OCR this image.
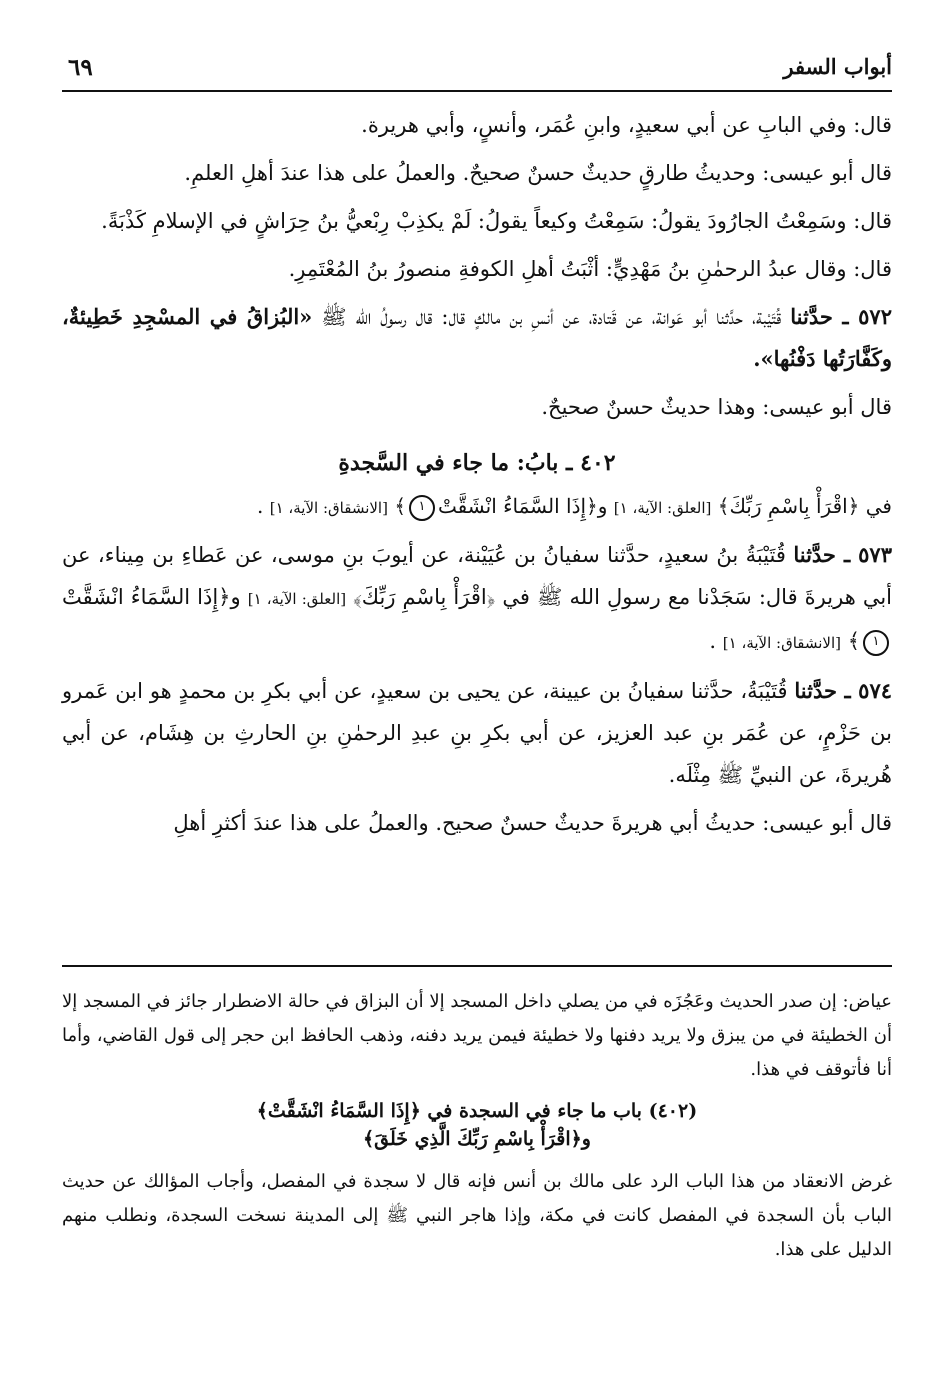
أبواب السفر
٦٩

قال: وفي البابِ عن أبي سعيدٍ، وابنِ عُمَر، وأنسٍ، وأبي هريرة.

قال أبو عيسى: وحديثُ طارقٍ حديثٌ حسنٌ صحيحٌ. والعملُ على هذا عندَ أهلِ العلمِ.

قال: وسَمِعْتُ الجارُودَ يقولُ: سَمِعْتُ وكيعاً يقولُ: لَمْ يكذِبْ رِبْعيُّ بنُ حِرَاشٍ في الإسلامِ كَذْبَةً.

قال: وقال عبدُ الرحمٰنِ بنُ مَهْدِيٍّ: أثْبَتُ أهلِ الكوفةِ منصورُ بنُ المُعْتَمِرِ.

٥٧٢ ـ حدَّثنا قُتَيْبة، حدَّثنا أبو عَوانة، عن قَتادة، عن أنسِ بن مالكٍ قال: قال رسولُ الله ﷺ «البُزاقُ في المسْجِدِ خَطِيئةٌ، وكَفَّارَتُها دَفْنُها».

قال أبو عيسى: وهذا حديثٌ حسنٌ صحيحٌ.

٤٠٢ ـ بابُ: ما جاء في السَّجدةِ

في ﴿اقْرَأْ بِاسْمِ رَبِّكَ﴾ [العلق: الآية، ١] و﴿إِذَا السَّمَاءُ انْشَقَّتْ١﴾ [الانشقاق: الآية، ١] .

٥٧٣ ـ حدَّثنا قُتَيْبَةُ بنُ سعيدٍ، حدَّثنا سفيانُ بن عُيَيْنة، عن أيوبَ بنِ موسى، عن عَطاءِ بن مِيناء، عن أبي هريرةَ قال: سَجَدْنا مع رسولِ الله ﷺ في ﴿اقْرَأْ بِاسْمِ رَبِّكَ﴾ [العلق: الآية، ١] و﴿إِذَا السَّمَاءُ انْشَقَّتْ١﴾ [الانشقاق: الآية، ١] .

٥٧٤ ـ حدَّثنا قُتَيْبَةُ، حدَّثنا سفيانُ بن عيينة، عن يحيى بن سعيدٍ، عن أبي بكرِ بن محمدٍ هو ابن عَمرو بن حَزْمٍ، عن عُمَر بنِ عبد العزيز، عن أبي بكرِ بنِ عبدِ الرحمٰنِ بنِ الحارثِ بن هِشَام، عن أبي هُريرةَ، عن النبيِّ ﷺ مِثْلَه.

قال أبو عيسى: حديثُ أبي هريرةَ حديثٌ حسنٌ صحيح. والعملُ على هذا عندَ أكثرِ أهلِ

عياض: إن صدر الحديث وعَجُزَه في من يصلي داخل المسجد إلا أن البزاق في حالة الاضطرار جائز في المسجد إلا أن الخطيئة في من يبزق ولا يريد دفنها ولا خطيئة فيمن يريد دفنه، وذهب الحافظ ابن حجر إلى قول القاضي، وأما أنا فأتوقف في هذا.

(٤٠٢) باب ما جاء في السجدة في ﴿إِذَا السَّمَاءُ انْشَقَّتْ﴾
و﴿اقْرَأْ بِاسْمِ رَبِّكَ الَّذِي خَلَقَ﴾

غرض الانعقاد من هذا الباب الرد على مالك بن أنس فإنه قال لا سجدة في المفصل، وأجاب المؤالك عن حديث الباب بأن السجدة في المفصل كانت في مكة، وإذا هاجر النبي ﷺ إلى المدينة نسخت السجدة، ونطلب منهم الدليل على هذا.
